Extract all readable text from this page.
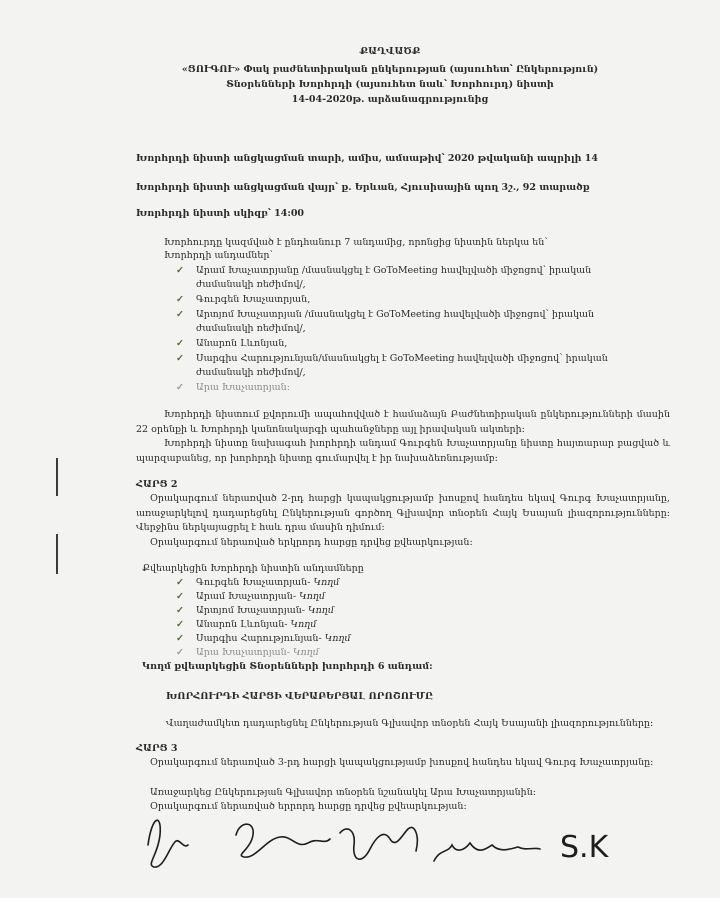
ՔԱՂՎԱԾՔ
«ՑՈՒԳՈՒ» Փակ բաժնետիրական ընկերության (այսուհետ՝ Ընկերություն)
Տնօրենների Խորհրդի (այսուհետ նաև՝ Խորհուրդ) նիստի
14-04-2020թ. արձանագրությունից
Խորհրդի նիստի անցկացման տարի, ամիս, ամսաթիվ՝ 2020 թվականի ապրիլի 14
Խորհրդի նիստի անցկացման վայր՝ ք. Երևան, Հյուսիսային պող 3շ., 92 տարածք
Խորհրդի նիստի սկիզբ՝ 14:00
Խորհուրդը կազմված է ընդհանուր 7 անդամից, որոնցից նիստին ներկա են՝
Խորհրդի անդամներ՝
✓ Արամ Խաչատրյանը /մասնակցել է GoToMeeting հավելվածի միջոցով՝ իրական
ժամանակի ռեժիմով/,
✓ Գուրգեն Խաչատրյան,
✓ Արտյոմ Խաչատրյան /մասնակցել է GoToMeeting հավելվածի միջոցով՝ իրական
ժամանակի ռեժիմով/,
✓ Անարոն Լևոնյան,
✓ Սարգիս Հարությունյան/մասնակցել է GoToMeeting հավելվածի միջոցով՝ իրական
ժամանակի ռեժիմով/,
✓ Արա Խաչատրյան:
Խորհրդի նիստում քվորումի ապահովված է համաձայն Բաժնետիրական ընկերությունների մասին 22 օրենքի և Խորհրդի կանոնակարգի պահանջները այլ իրավական ակտերի:
Խորհրդի նիստը նախագահ խորհրդի անդամ Գուրգեն Խաչատրյանը նիստը հայտարար բացված և պարզաբանեց, որ խորհրդի նիստը գումարվել է իր նախաձեռնությամբ:
ՀԱՐՑ 2
Օրակարգում ներառված 2-րդ հարցի կապակցությամբ խոսքով հանդես եկավ Գուրգ Խաչատրյանը, առաջարկելով դադարեցնել Ընկերության գործող Գլխավոր տնօրեն Հայկ Եսայան լիազորությունները: Վերջինս ներկայացրել է հաև դրա մասին դիմում:
Օրակարգում ներառված երկրորդ հարցը դրվեց քվեարկության:
Քվեարկեցին Խորհրդի նիստին անդամները
✓ Գուրգեն Խաչատրյան- Կողմ
✓ Արամ Խաչատրյան- Կողմ
✓ Արտյոմ Խաչատրյան- Կողմ
✓ Անարոն Լևոնյան- Կողմ
✓ Սարգիս Հարությունյան- Կողմ
✓ Արա Խաչատրյան- Կողմ
Կողմ քվեարկեցին Տնօրենների խորհրդի 6 անդամ:
ԽՈՐՀՈՒՐԴԻ ՀԱՐՑԻ ՎԵՐԱԲԵՐՅԱԼ ՈՐՈՇՈՒՄԸ
Վաղաժամկետ դադարեցնել Ընկերության Գլխավոր տնօրեն Հայկ Եսայանի լիազորությունները:
ՀԱՐՑ 3
Օրակարգում ներառված 3-րդ հարցի կապակցությամբ խոսքով հանդես եկավ Գուրգ Խաչատրյանը:
Առաջարկեց Ընկերության Գլխավոր տնօրեն նշանակել Արա Խաչատրյանին:
Օրակարգում ներառված երրորդ հարցը դրվեց քվեարկության:
S.K
